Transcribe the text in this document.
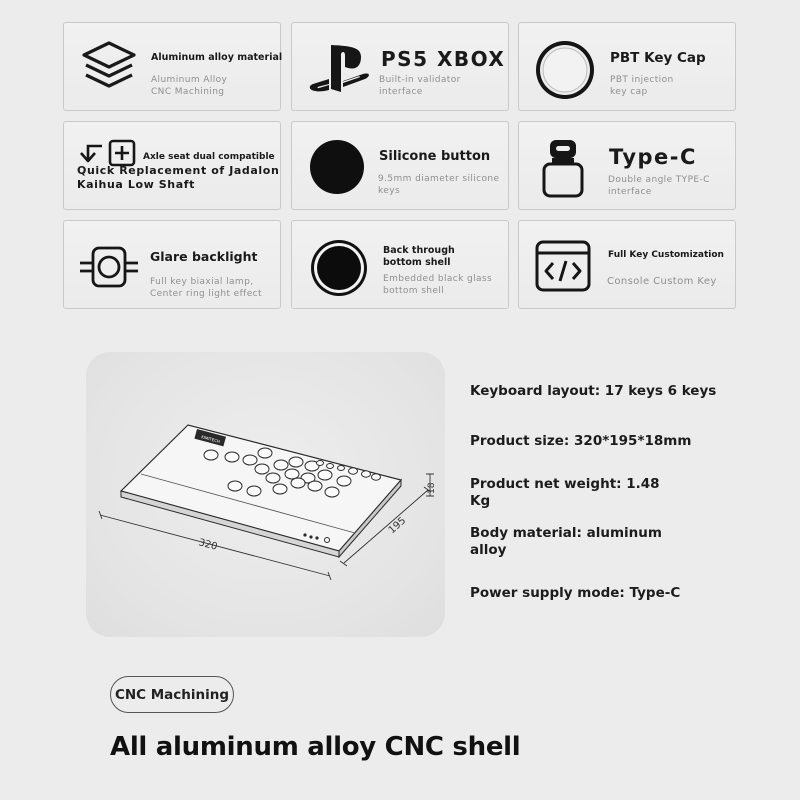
Aluminum alloy material
Aluminum Alloy
CNC Machining
PS5 XBOX
Built-in validator
interface
PBT Key Cap
PBT injection
key cap
Axle seat dual compatible
Quick Replacement of Jadalon
Kaihua Low Shaft
Silicone button
9.5mm diameter silicone
keys
Type-C
Double angle TYPE-C
interface
Glare backlight
Full key biaxial lamp,
Center ring light effect
Back through
bottom shell
Embedded black glass
bottom shell
Full Key Customization
Console Custom Key
KIMITECH
320
195
18
Keyboard layout: 17 keys 6 keys
Product size: 320*195*18mm
Product net weight: 1.48
Kg
Body material: aluminum
alloy
Power supply mode: Type-C
CNC Machining
All aluminum alloy CNC shell
